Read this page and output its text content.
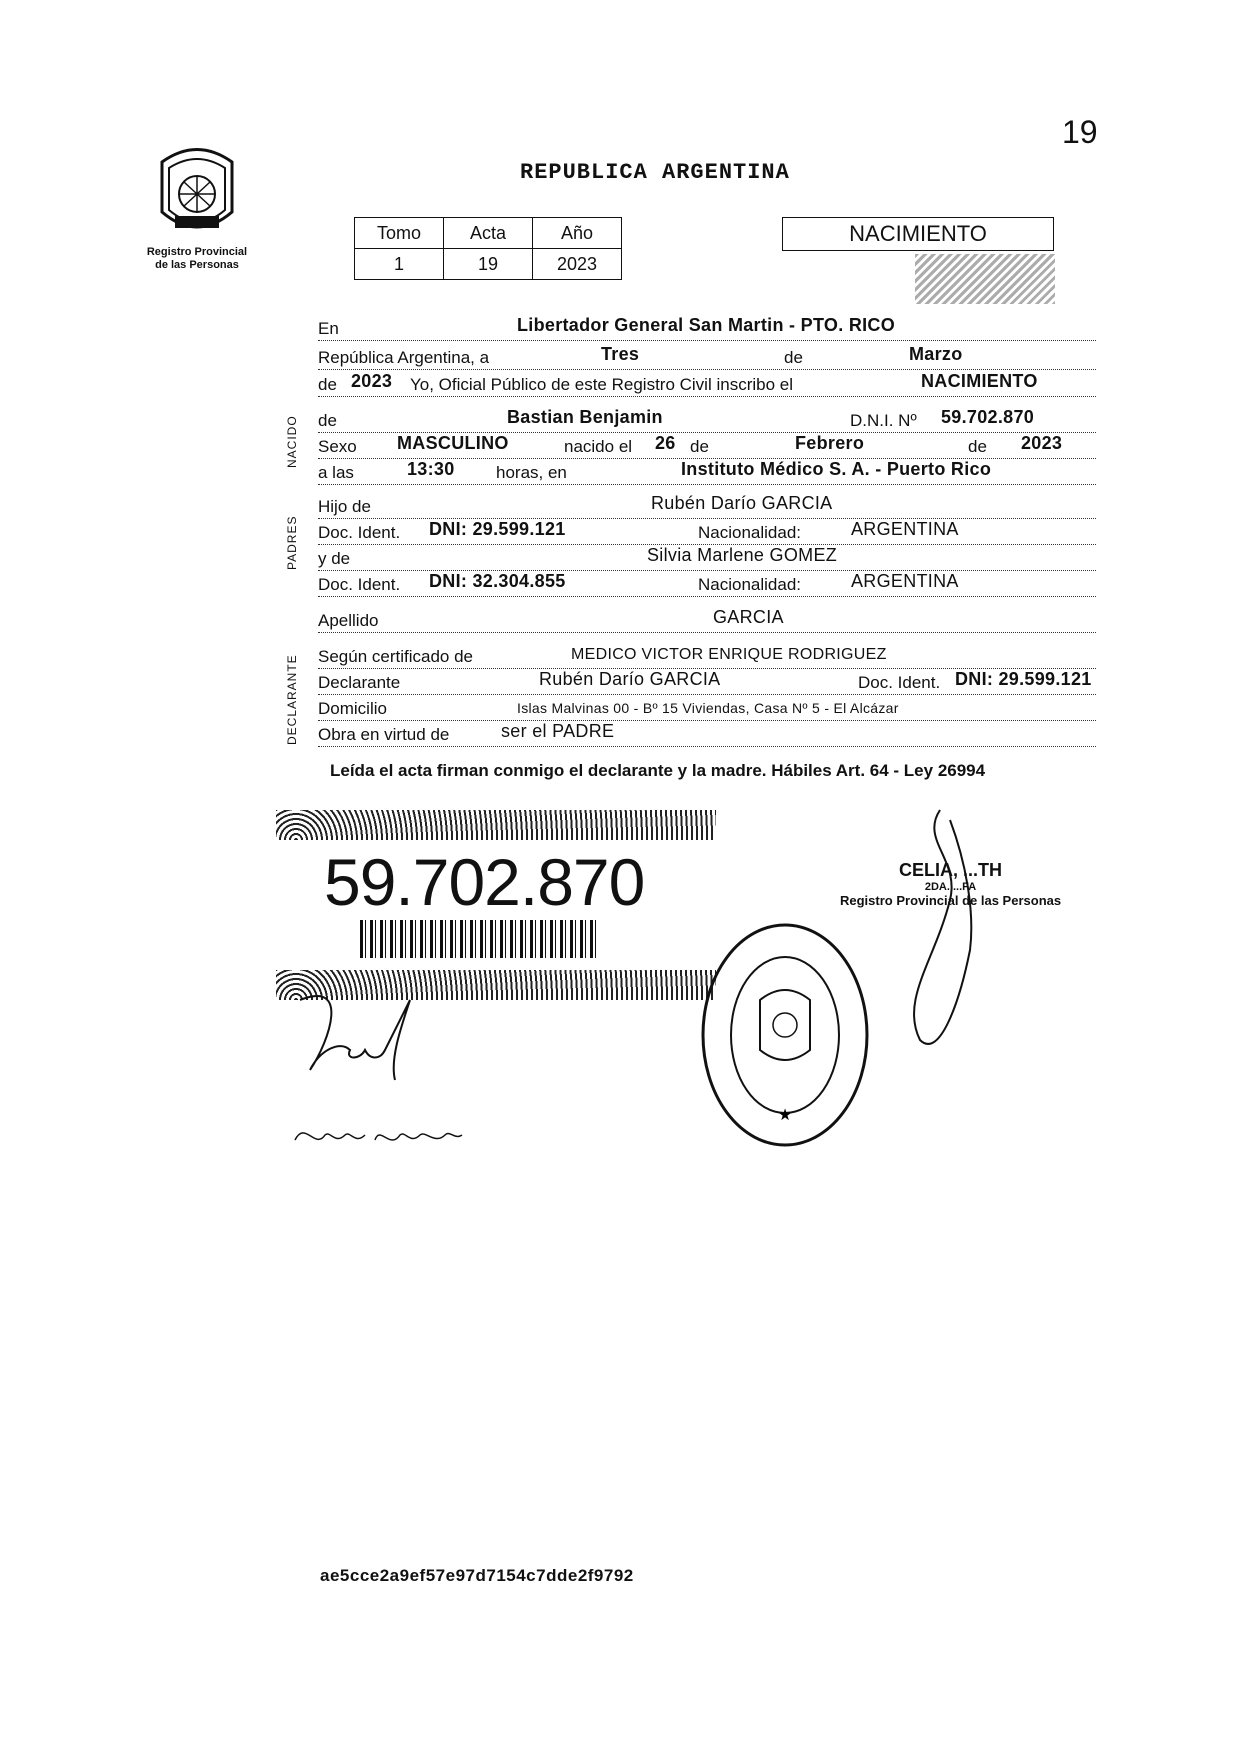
19
Registro Provincial
de las Personas
REPUBLICA ARGENTINA
Tomo	Acta	Año
1	19	2023
NACIMIENTO
En	Libertador General San Martin - PTO. RICO
República Argentina, a	Tres	de	Marzo
de 2023 Yo, Oficial Público de este Registro Civil inscribo el	NACIMIENTO
de	Bastian Benjamin	D.N.I. Nº 59.702.870
Sexo MASCULINO	nacido el 26 de	Febrero	de 2023
a las	13:30 horas, en	Instituto Médico S. A. - Puerto Rico
Hijo de	Rubén Darío GARCIA
Doc. Ident. DNI: 29.599.121	Nacionalidad:	ARGENTINA
y de	Silvia Marlene GOMEZ
Doc. Ident. DNI: 32.304.855	Nacionalidad:	ARGENTINA
Apellido	GARCIA
Según certificado de	MEDICO VICTOR ENRIQUE RODRIGUEZ
Declarante	Rubén Darío GARCIA	Doc. Ident. DNI: 29.599.121
Domicilio	Islas Malvinas 00 - Bº 15 Viviendas, Casa Nº 5 - El Alcázar
Obra en virtud de	ser el PADRE
NACIDO
PADRES
DECLARANTE
Leída el acta firman conmigo el declarante y la madre. Hábiles Art. 64 - Ley 26994
59.702.870	CELIA, ...TH
2DA. ...FA
Registro Provincial de las Personas
★
ae5cce2a9ef57e97d7154c7dde2f9792
